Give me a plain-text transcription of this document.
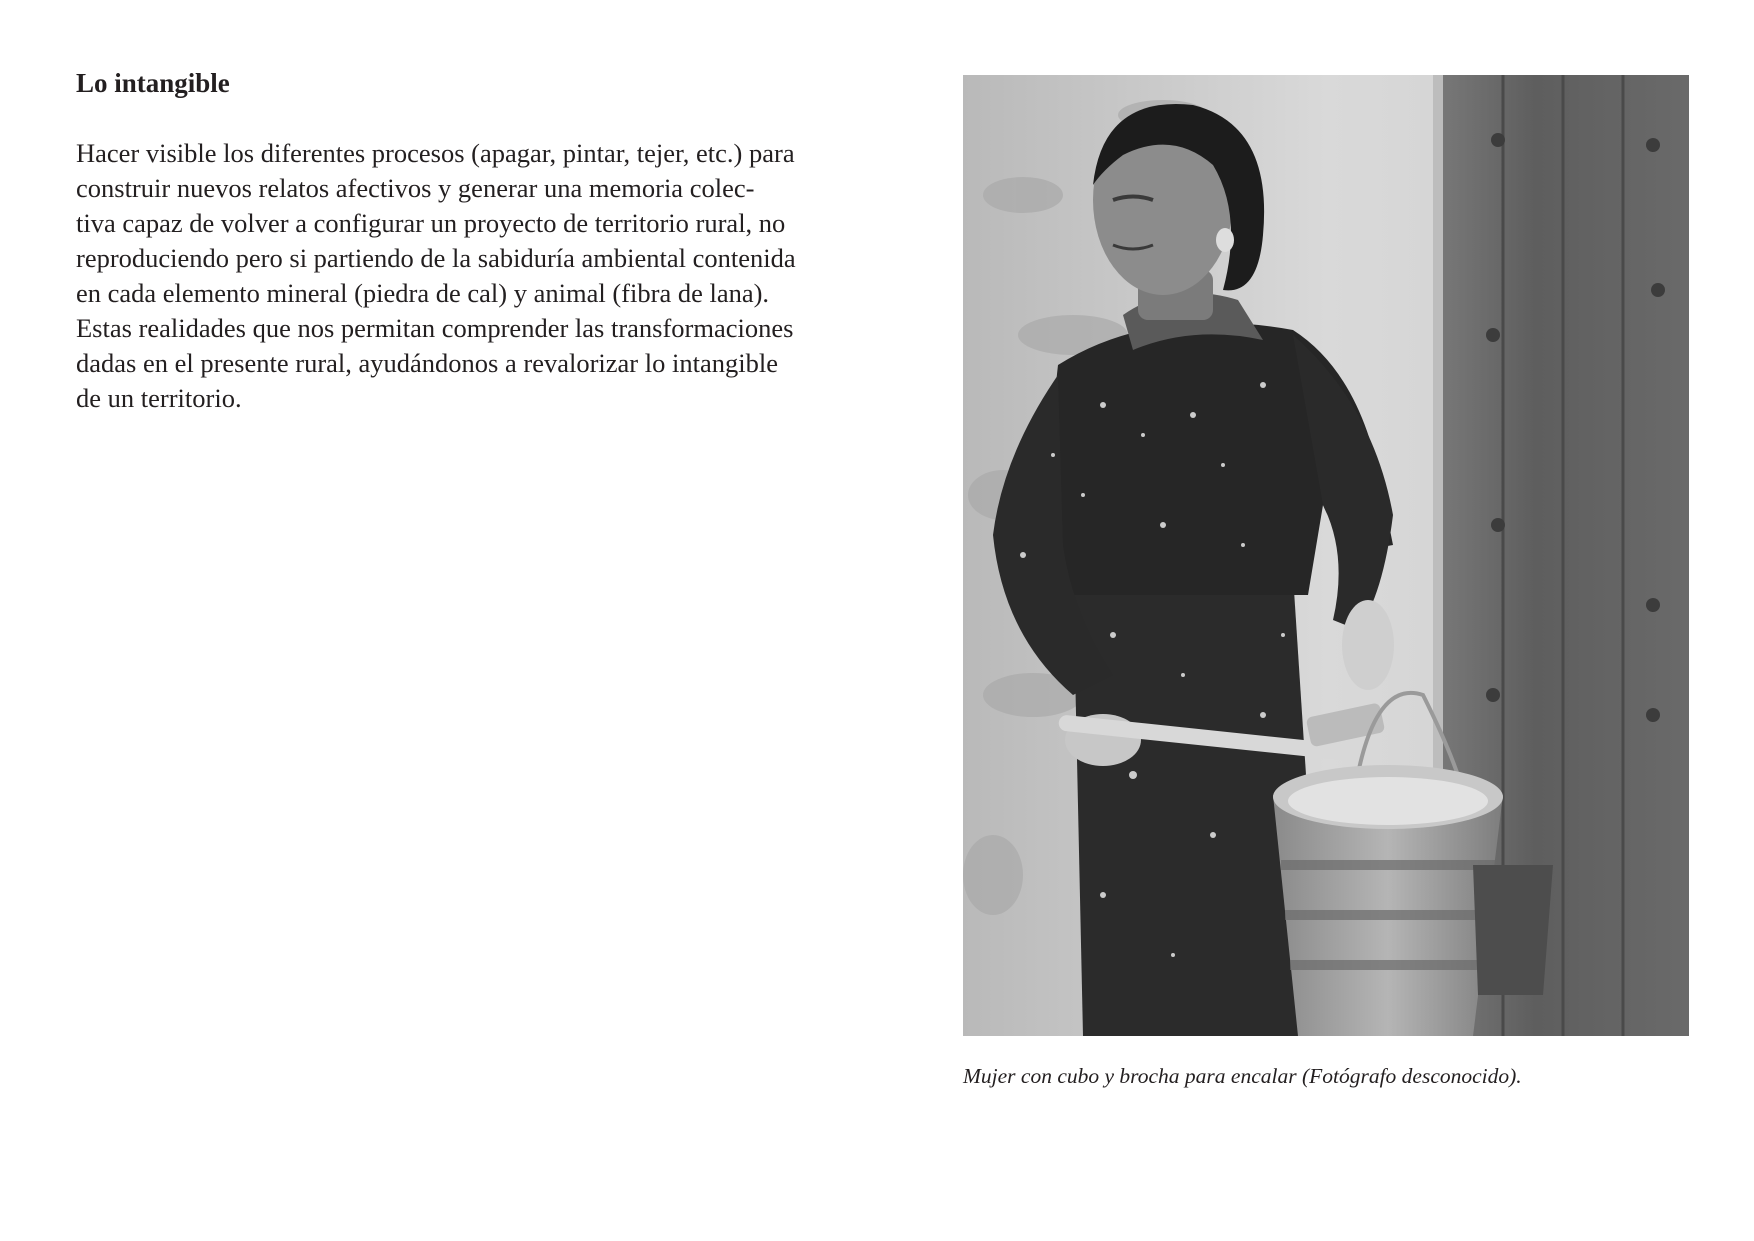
Lo intangible

Hacer visible los diferentes procesos (apagar, pintar, tejer, etc.) para
construir nuevos relatos afectivos y generar una memoria colec-
tiva capaz de volver a configurar un proyecto de territorio rural, no
reproduciendo pero si partiendo de la sabiduría ambiental contenida
en cada elemento mineral (piedra de cal) y animal (fibra de lana).
Estas realidades que nos permitan comprender las transformaciones
dadas en el presente rural, ayudándonos a revalorizar lo intangible
de un territorio.

Mujer con cubo y brocha para encalar (Fotógrafo desconocido).
